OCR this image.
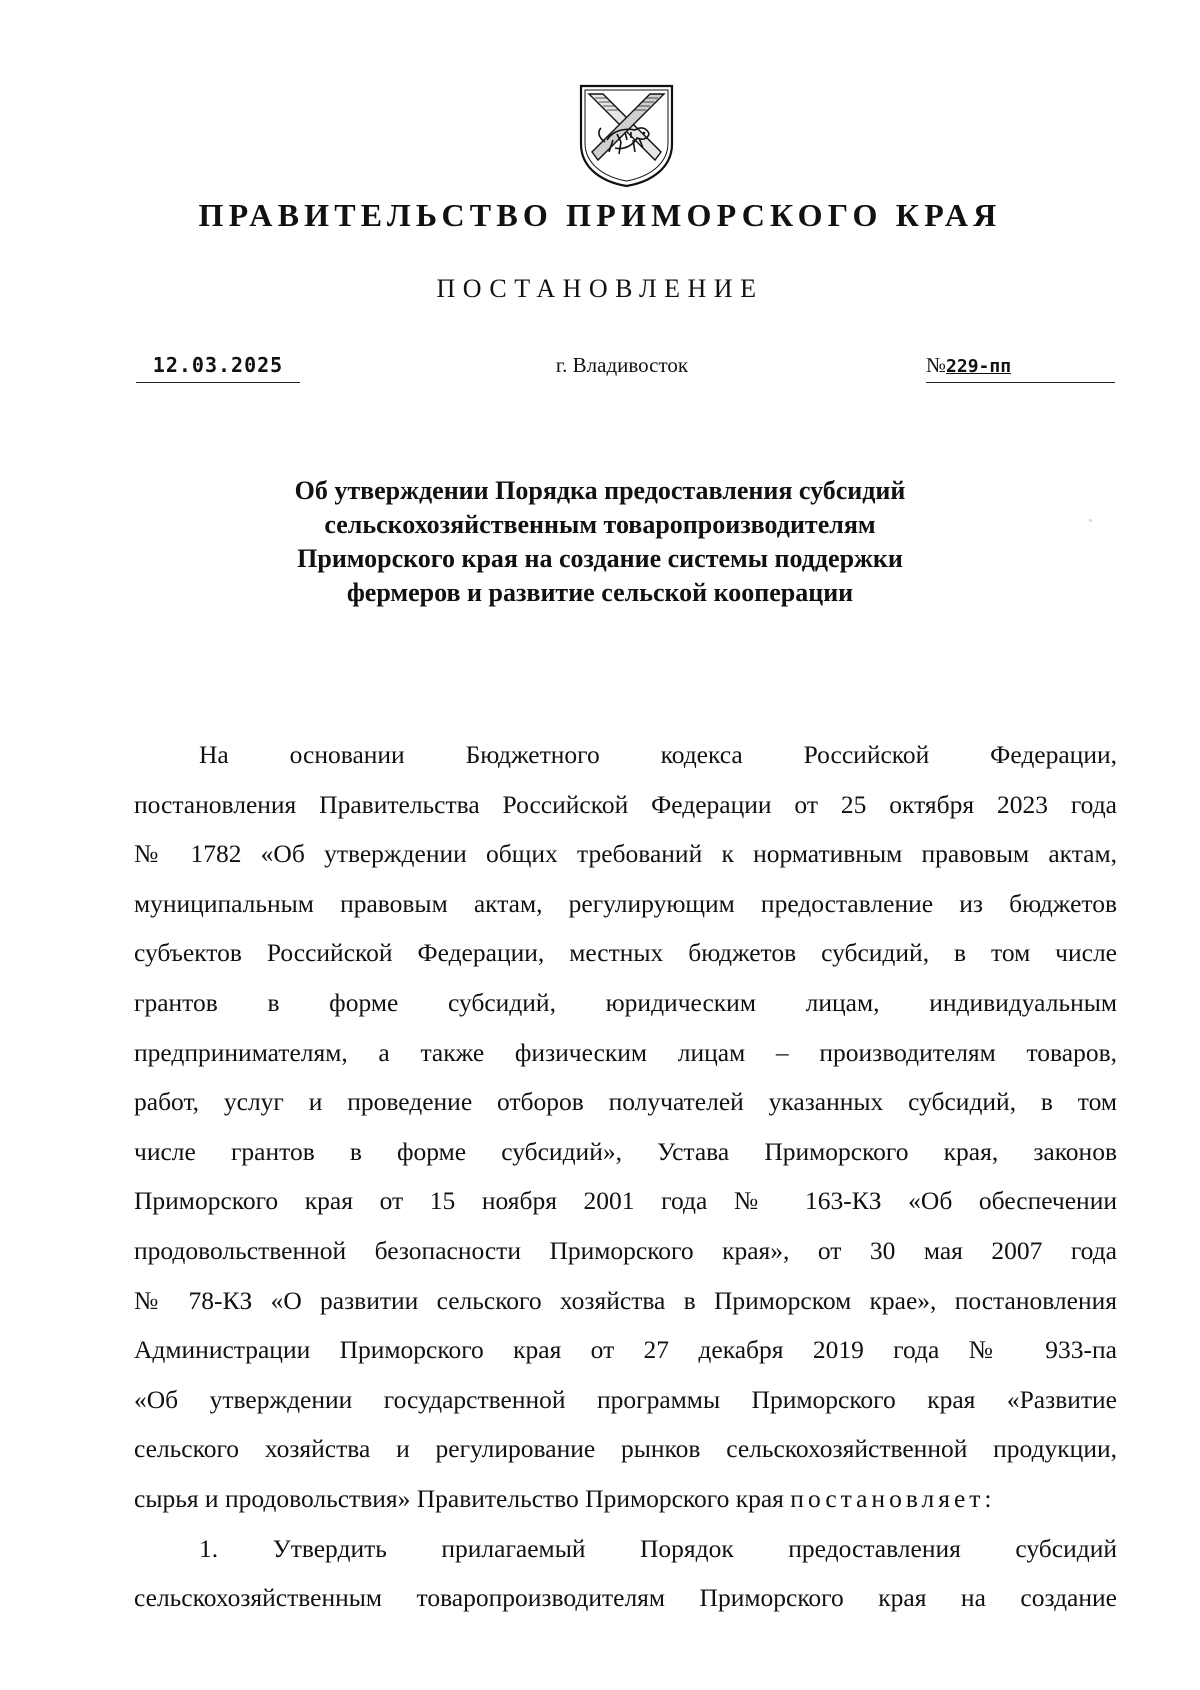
ПРАВИТЕЛЬСТВО ПРИМОРСКОГО КРАЯ
ПОСТАНОВЛЕНИЕ
12.03.2025	г. Владивосток	№229-пп
Об утверждении Порядка предоставления субсидий
сельскохозяйственным товаропроизводителям
Приморского края на создание системы поддержки
фермеров и развитие сельской кооперации
На основании Бюджетного кодекса Российской Федерации,
постановления Правительства Российской Федерации от 25 октября 2023 года
№ 1782 «Об утверждении общих требований к нормативным правовым актам,
муниципальным правовым актам, регулирующим предоставление из бюджетов
субъектов Российской Федерации, местных бюджетов субсидий, в том числе
грантов в форме субсидий, юридическим лицам, индивидуальным
предпринимателям, а также физическим лицам – производителям товаров,
работ, услуг и проведение отборов получателей указанных субсидий, в том
числе грантов в форме субсидий», Устава Приморского края, законов
Приморского края от 15 ноября 2001 года № 163-КЗ «Об обеспечении
продовольственной безопасности Приморского края», от 30 мая 2007 года
№ 78-КЗ «О развитии сельского хозяйства в Приморском крае», постановления
Администрации Приморского края от 27 декабря 2019 года № 933-па
«Об утверждении государственной программы Приморского края «Развитие
сельского хозяйства и регулирование рынков сельскохозяйственной продукции,
сырья и продовольствия» Правительство Приморского края постановляет:
1. Утвердить прилагаемый Порядок предоставления субсидий
сельскохозяйственным товаропроизводителям Приморского края на создание
